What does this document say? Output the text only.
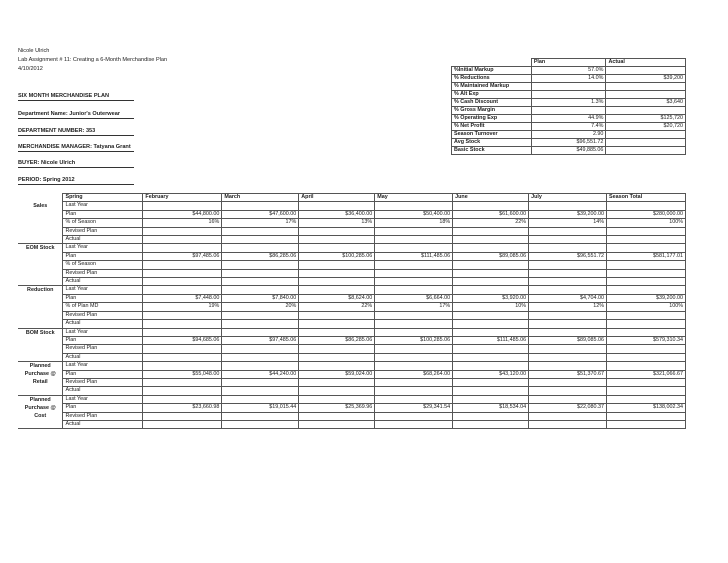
Nicole Ulrich
Lab Assignment # 11: Creating a 6-Month Merchandise Plan
4/10/2012
SIX MONTH MERCHANDISE PLAN
Department Name: Junior's Outerwear
DEPARTMENT NUMBER: 353
MERCHANDISE MANAGER: Tatyana Grant
BUYER: Nicole Ulrich
PERIOD: Spring 2012
	Plan	Actual
%Initial Markup	57.0%	
% Reductions	14.0%	$39,200
% Maintained Markup		
% Alt Exp		
% Cash Discount	1.3%	$3,640
% Gross Margin		
% Operating Exp	44.9%	$125,720
% Net Profit	7.4%	$20,720
Season Turnover	2.90	
Avg Stock	$96,551.72	
Basic Stock	$49,885.06	
	Spring	February	March	April	May	June	July	Season Total
Sales	Last Year							
	Plan	$44,800.00	$47,600.00	$36,400.00	$50,400.00	$61,600.00	$39,200.00	$280,000.00
	% of Season	16%	17%	13%	18%	22%	14%	100%
	Revised Plan							
	Actual							
EOM Stock	Last Year							
	Plan	$97,485.06	$86,285.06	$100,285.06	$111,485.06	$89,085.06	$96,551.72	$581,177.01
	% of Season							
	Revised Plan							
	Actual							
Reduction	Last Year							
	Plan	$7,448.00	$7,840.00	$8,624.00	$6,664.00	$3,920.00	$4,704.00	$39,200.00
	% of Plan MD	19%	20%	22%	17%	10%	12%	100%
	Revised Plan							
	Actual							
BOM Stock	Last Year							
	Plan	$94,685.06	$97,485.06	$86,285.06	$100,285.06	$111,485.06	$89,085.06	$579,310.34
	Revised Plan							
	Actual							
Planned
Purchase @
Retail	Last Year							
	Plan	$55,048.00	$44,240.00	$59,024.00	$68,264.00	$43,120.00	$51,370.67	$321,066.67
	Revised Plan							
	Actual							
Planned
Purchase @ Cost	Last Year							
	Plan	$23,660.98	$19,015.44	$25,369.96	$29,341.54	$18,534.04	$22,080.37	$138,002.34
	Revised Plan							
	Actual							
